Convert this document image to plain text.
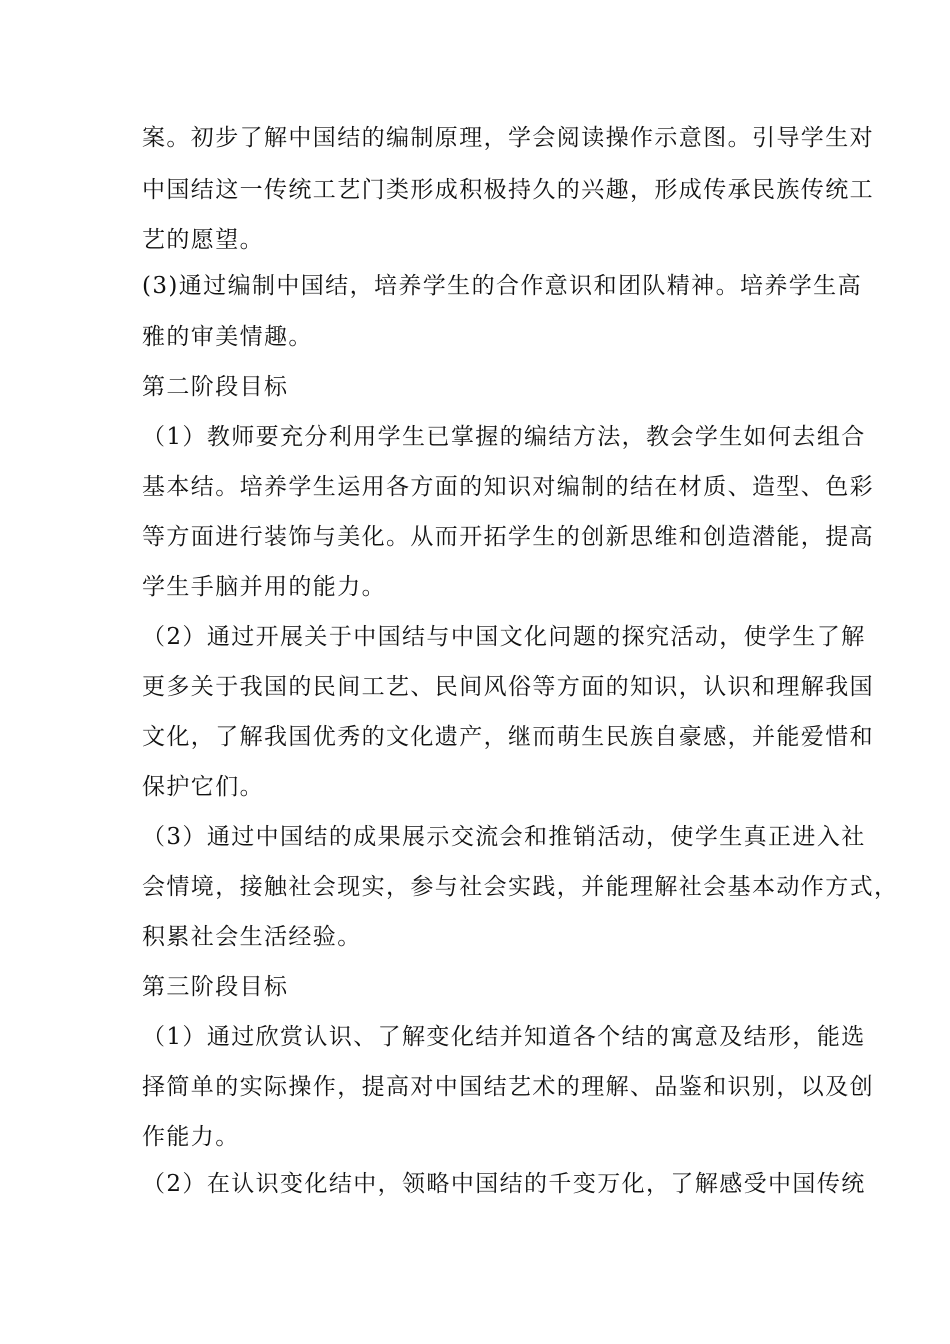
案。初步了解中国结的编制原理，学会阅读操作示意图。引导学生对
中国结这一传统工艺门类形成积极持久的兴趣，形成传承民族传统工
艺的愿望。
(3)通过编制中国结，培养学生的合作意识和团队精神。培养学生高
雅的审美情趣。
第二阶段目标
（1）教师要充分利用学生已掌握的编结方法，教会学生如何去组合
基本结。培养学生运用各方面的知识对编制的结在材质、造型、色彩
等方面进行装饰与美化。从而开拓学生的创新思维和创造潜能，提高
学生手脑并用的能力。
（2）通过开展关于中国结与中国文化问题的探究活动，使学生了解
更多关于我国的民间工艺、民间风俗等方面的知识，认识和理解我国
文化，了解我国优秀的文化遗产，继而萌生民族自豪感，并能爱惜和
保护它们。
（3）通过中国结的成果展示交流会和推销活动，使学生真正进入社
会情境，接触社会现实，参与社会实践，并能理解社会基本动作方式，
积累社会生活经验。
第三阶段目标
（1）通过欣赏认识、了解变化结并知道各个结的寓意及结形，能选
择简单的实际操作，提高对中国结艺术的理解、品鉴和识别，以及创
作能力。
（2）在认识变化结中，领略中国结的千变万化，了解感受中国传统
